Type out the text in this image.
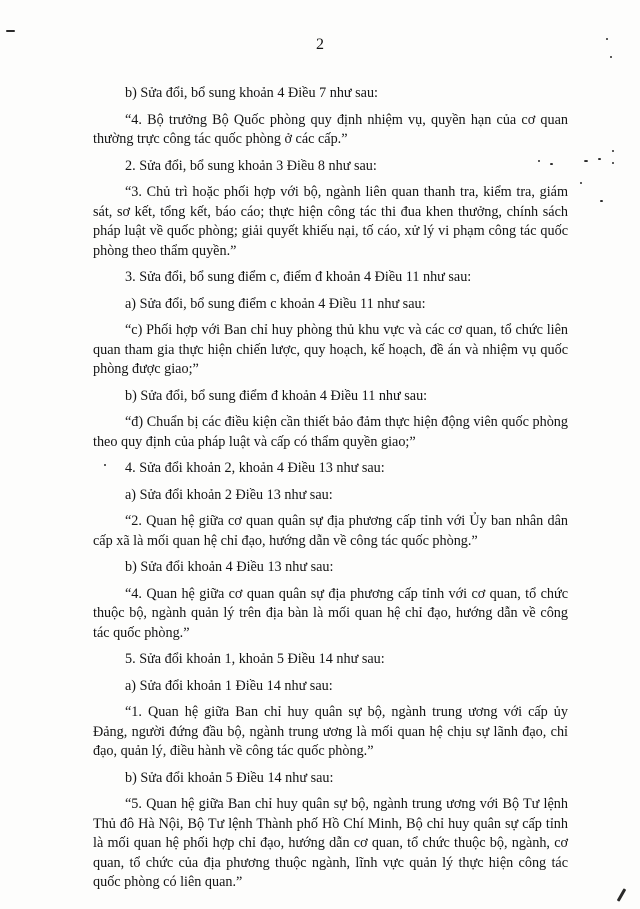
2

b) Sửa đổi, bổ sung khoản 4 Điều 7 như sau:

“4. Bộ trưởng Bộ Quốc phòng quy định nhiệm vụ, quyền hạn của cơ quan thường trực công tác quốc phòng ở các cấp.”

2. Sửa đổi, bổ sung khoản 3 Điều 8 như sau:

“3. Chủ trì hoặc phối hợp với bộ, ngành liên quan thanh tra, kiểm tra, giám sát, sơ kết, tổng kết, báo cáo; thực hiện công tác thi đua khen thưởng, chính sách pháp luật về quốc phòng; giải quyết khiếu nại, tố cáo, xử lý vi phạm công tác quốc phòng theo thẩm quyền.”

3. Sửa đổi, bổ sung điểm c, điểm đ khoản 4 Điều 11 như sau:

a) Sửa đổi, bổ sung điểm c khoản 4 Điều 11 như sau:

“c) Phối hợp với Ban chỉ huy phòng thủ khu vực và các cơ quan, tổ chức liên quan tham gia thực hiện chiến lược, quy hoạch, kế hoạch, đề án và nhiệm vụ quốc phòng được giao;”

b) Sửa đổi, bổ sung điểm đ khoản 4 Điều 11 như sau:

“đ) Chuẩn bị các điều kiện cần thiết bảo đảm thực hiện động viên quốc phòng theo quy định của pháp luật và cấp có thẩm quyền giao;”

4. Sửa đổi khoản 2, khoản 4 Điều 13 như sau:

a) Sửa đổi khoản 2 Điều 13 như sau:

“2. Quan hệ giữa cơ quan quân sự địa phương cấp tỉnh với Ủy ban nhân dân cấp xã là mối quan hệ chỉ đạo, hướng dẫn về công tác quốc phòng.”

b) Sửa đổi khoản 4 Điều 13 như sau:

“4. Quan hệ giữa cơ quan quân sự địa phương cấp tỉnh với cơ quan, tổ chức thuộc bộ, ngành quản lý trên địa bàn là mối quan hệ chỉ đạo, hướng dẫn về công tác quốc phòng.”

5. Sửa đổi khoản 1, khoản 5 Điều 14 như sau:

a) Sửa đổi khoản 1 Điều 14 như sau:

“1. Quan hệ giữa Ban chỉ huy quân sự bộ, ngành trung ương với cấp ủy Đảng, người đứng đầu bộ, ngành trung ương là mối quan hệ chịu sự lãnh đạo, chỉ đạo, quản lý, điều hành về công tác quốc phòng.”

b) Sửa đổi khoản 5 Điều 14 như sau:

“5. Quan hệ giữa Ban chỉ huy quân sự bộ, ngành trung ương với Bộ Tư lệnh Thủ đô Hà Nội, Bộ Tư lệnh Thành phố Hồ Chí Minh, Bộ chỉ huy quân sự cấp tỉnh là mối quan hệ phối hợp chỉ đạo, hướng dẫn cơ quan, tổ chức thuộc bộ, ngành, cơ quan, tổ chức của địa phương thuộc ngành, lĩnh vực quản lý thực hiện công tác quốc phòng có liên quan.”
